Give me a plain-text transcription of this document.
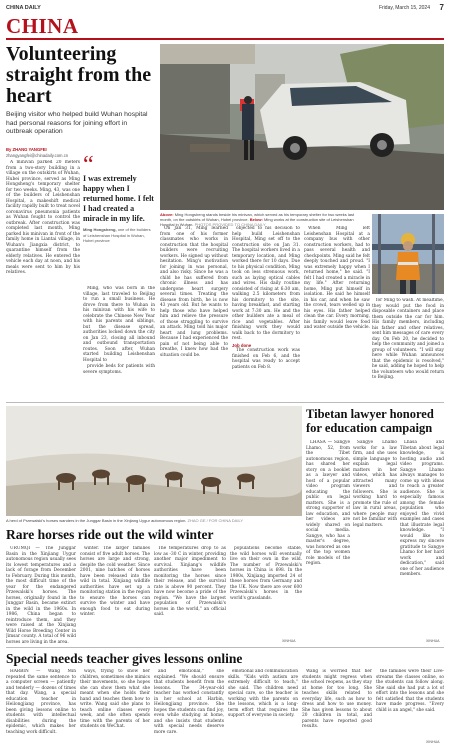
CHINA DAILY	Friday, March 15, 2024 7
CHINA
Volunteering straight from the heart
Beijing visitor who helped build Wuhan hospital had personal reasons for joining effort in outbreak operation
By ZHANG YANGFEI
zhangyangfei@chinadaily.com.cn

A minivan parked 20 meters from a two-story building in a village on the outskirts of Wuhan, Hubei province, served as Ming Hongsheng's temporary shelter for two weeks. Ming, 43, was one of the builders of Leishenshan Hospital, a makeshift medical facility rapidly built to treat novel coronavirus pneumonia patients as Wuhan fought to control the outbreak. After construction was completed last month, Ming parked his minivan in front of the family home in Liantai village, in Wuhan's Jiangxia district, to quarantine himself from the elderly relatives. He entered the vehicle each day at noon, and his meals were sent to him by his relatives.

“
I was extremely happy when I returned home. I felt I had created a miracle in my life.
Ming Hongsheng, one of the builders of Leishenshan Hospital in Wuhan, Hubei province

Ming, who was born in the village, last traveled to Beijing to run a small business. He drove from there to Wuhan in his minivan with his wife to celebrate the Chinese New Year with his parents and siblings, but the disease spread, authorities locked down the city on Jan 23, closing all inbound and outbound transportation routes. Soon after, Wuhan started building Leishenshan Hospital to

provide beds for patients with severe symptoms.

Above: Ming Hongsheng stands beside his minivan, which served as his temporary shelter for two weeks last month, on the outskirts of Wuhan, Hubei province. Below: Ming works at the construction site of Leishenshan Hospital in Wuhan. PHOTOS PROVIDED TO CHINA DAILY

On Jan 31, Ming learned from one of his former classmates who works in construction that the hospital builders were recruiting workers. He signed up without hesitation. Ming's motivation for joining in was personal, and also risky. Since he was a child he has suffered from chronic illness and has undergone heart surgery several times. Treating the disease from birth, he is now 43 years old. But he wants to help those who have helped him and relieve the pressure of those struggling to survive an attack. Ming told his major heart and lung problems. Because I had experienced the pain of not being able to breathe, I knew how bad the situation could be.

objected to his decision to help build Leishenshan Hospital, Ming set off to the construction site on Jan 31. The hospital workers lived in a temporary location, and Ming worked there for 10 days. Due to his physical condition, Ming took on less strenuous work, such as laying optical cables and wires. His daily routine consisted of rising at 6:30 am, walking 2.5 kilometers from his dormitory to the site, having breakfast, and starting work at 7:30 am. He and the other builders ate a meal of rice and vegetables. After finishing work they would walk back to the dormitory to rest.

Job done

The construction work was finished on Feb 6, and the hospital was ready to accept patients on Feb 8.

When Ming left Leishenshan Hospital at a company bus with other construction workers, had to pass several health and checkpoints. Ming said he felt deeply touched and proud. "I was extremely happy when I returned home," he said. "I felt I had created a miracle in my life." After returning home, Ming put himself in isolation. He said he himself in his car, and when he saw the crowd, tears welled up in his eyes. His father helped clean the car. Every morning, his family would leave food and water outside the vehicle.

for Ming to wash. At mealtime, they would put the food in disposable containers and place them outside the car for him. His family members, including his father and other relatives, sent him messages of care every day. On Feb 20, he decided to help the community and joined a group of volunteers. "I will stay here while Wuhan announces that the epidemic is resolved," he said, adding he hoped to help the volunteers who would return to Beijing.

A herd of Przewalski's horses wanders in the Junggar Basin in the Xinjiang Uygur autonomous region. ZHAO GE / FOR CHINA DAILY
Rare horses ride out the wild winter

URUMQI — The Junggar Basin in the Xinjiang Uygur autonomous region usually sees its lowest temperatures and a lack of forage from December to February. During this month, the most difficult time of the year for the endangered Przewalski's horses. The horses, originally found in the Junggar Basin, became extinct in the wild in the 1960s. In 1986, China began to reintroduce them, and they were raised at the Xinjiang Wild Horse Breeding Center in Jimsar county. A total of 96 wild horses are living in the area.

winter. The larger families consist of five adult horses. The horses are large and strong, despite the cold weather. Since 2001, nine batches of horses have been released into the wild in total. Xinjiang wildlife authorities have set up a monitoring station in the region to ensure the horses can survive the winter and have enough food to eat during winter.

The temperatures drop to as low as -30 C in winter, providing another major impediment to survival. Xinjiang's wildlife authorities have been monitoring the horses since their release, and the survival rate is above 90 percent. They have now become a pride of the region. "We have the largest population of Przewalski's horses in the world," an official said.

populations become stable, the wild horses will eventually live on their own in the wild. The number of Przewalski's horses in China is 698. In the 1980s, Xinjiang imported 24 of these horses from Germany and the UK. Now there are over 600 Przewalski's horses in the world's grasslands.

XINHUA
Tibetan lawyer honored for education campaign

LHASA — Sangye Lhamo, 52, from the Tibet autonomous region, has shared her story on a booklet as a lawyer and host of a popular video program educating the public on legal matters. She is a strong supporter of law education, and her videos are widely shared on social media. Sangye, who has a master's degree, was honored as one of the top women role models of the region.

Sangye Lhamo works for a law firm, and she uses simple language to explain legal matters in her videos, which has attracted many viewers and followers. She is working hard to promote the rule of law in rural areas, where people may not be familiar with legal matters.

Lhasa and Tibetan about legal knowledge, is hosting audio and video programs. Sangye Lhamo always manages to come up with ideas to reach a greater audience. She is especially famous among the female population who enjoyed the vivid examples and cases that illustrate legal knowledge. "I would like to express my sincere gratitude to Sangye Lhamo for her hard work and dedication," said one of her audience members.

XINHUA
Special needs teacher gives lessons online

HARBIN — Wang Min repeated the same sentence to a computer screen — patiently and tenderly — dozens of times that day. Wang, a special education teacher in Heilongjiang province, has been giving lessons online to students with intellectual disabilities during the epidemic, which makes her teaching work difficult.

ways, trying to show her children, sometimes she mimics their movements, so she hopes she can show them what she meant when she holds their hand and teaches them how to write. Wang said she plans to teach online classes every week, and she often spends time with the parents of her students on WeChat.

and emotional," she explained. "We should ensure that students benefit from the lessons. The 34-year-old teacher has worked constantly in her school at Harbin, Heilongjiang province. She hopes the students can find joy, even while studying at home, and she insists that students with special needs deserve more care.

emotional and communication skills. "Kids with autism are extremely difficult to teach," she said. The children need special care, so the teacher is working with the parents on the lessons, which is a long-term effort that requires the support of everyone in society.

Wang is worried that her students might regress when the school reopens, as they stay at home for too long. She teaches skills related to everyday life, such as how to dress and how to use money. She has given lessons to about 20 children in total, and parents have reported good results.

the families were their Live-streams the classes online, so the students can follow along. She said she had put a lot of effort into the lessons and she felt satisfied that the students have made progress. "Every child is an angel," she said.

XINHUA
